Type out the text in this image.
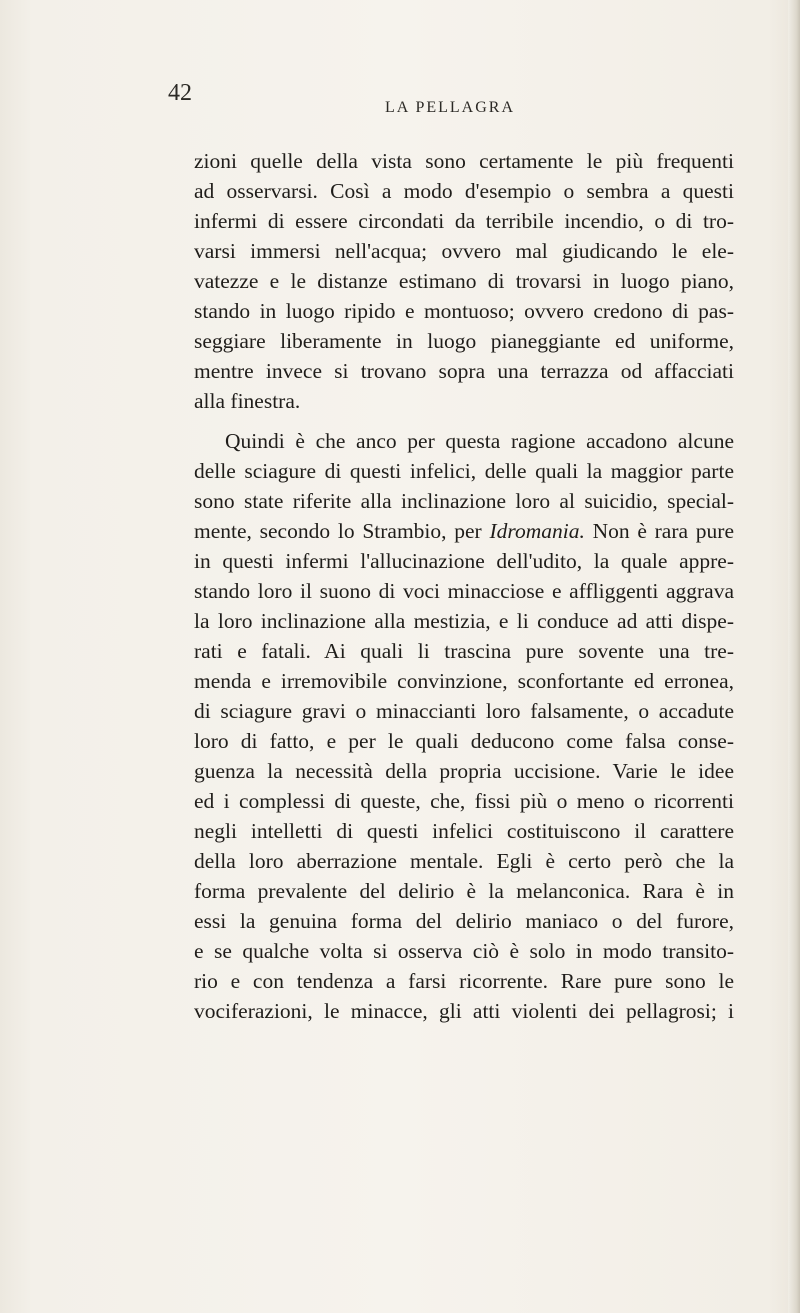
42
LA PELLAGRA
zioni quelle della vista sono certamente le più frequenti
ad osservarsi. Così a modo d'esempio o sembra a questi
infermi di essere circondati da terribile incendio, o di tro-
varsi immersi nell'acqua; ovvero mal giudicando le ele-
vatezze e le distanze estimano di trovarsi in luogo piano,
stando in luogo ripido e montuoso; ovvero credono di pas-
seggiare liberamente in luogo pianeggiante ed uniforme,
mentre invece si trovano sopra una terrazza od affacciati
alla finestra.
Quindi è che anco per questa ragione accadono alcune
delle sciagure di questi infelici, delle quali la maggior parte
sono state riferite alla inclinazione loro al suicidio, special-
mente, secondo lo Strambio, per Idromania. Non è rara pure
in questi infermi l'allucinazione dell'udito, la quale appre-
stando loro il suono di voci minacciose e affliggenti aggrava
la loro inclinazione alla mestizia, e li conduce ad atti dispe-
rati e fatali. Ai quali li trascina pure sovente una tre-
menda e irremovibile convinzione, sconfortante ed erronea,
di sciagure gravi o minaccianti loro falsamente, o accadute
loro di fatto, e per le quali deducono come falsa conse-
guenza la necessità della propria uccisione. Varie le idee
ed i complessi di queste, che, fissi più o meno o ricorrenti
negli intelletti di questi infelici costituiscono il carattere
della loro aberrazione mentale. Egli è certo però che la
forma prevalente del delirio è la melanconica. Rara è in
essi la genuina forma del delirio maniaco o del furore,
e se qualche volta si osserva ciò è solo in modo transito-
rio e con tendenza a farsi ricorrente. Rare pure sono le
vociferazioni, le minacce, gli atti violenti dei pellagrosi; i
